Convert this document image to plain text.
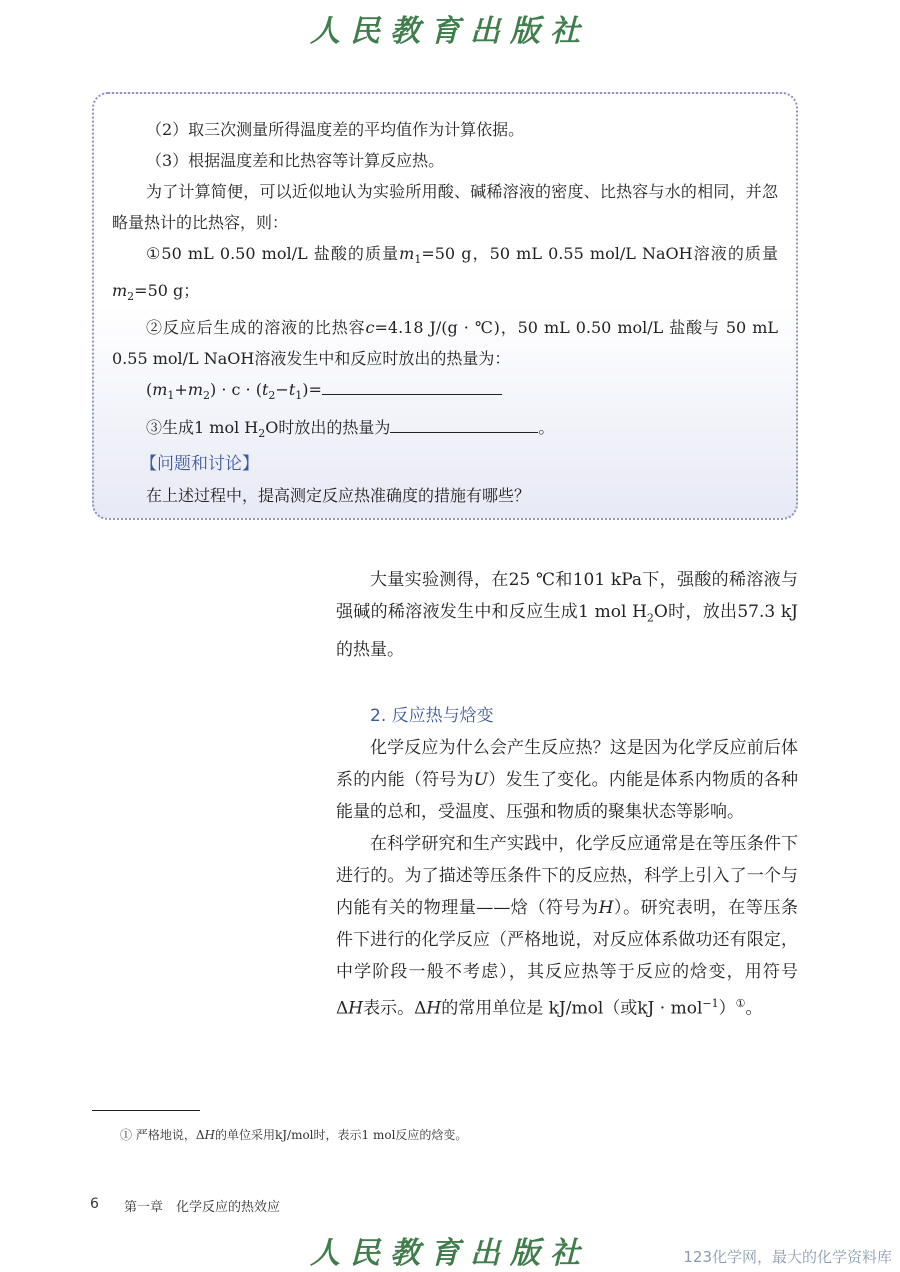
人民教育出版社

（2）取三次测量所得温度差的平均值作为计算依据。

（3）根据温度差和比热容等计算反应热。

为了计算简便，可以近似地认为实验所用酸、碱稀溶液的密度、比热容与水的相同，并忽略量热计的比热容，则：

①50 mL 0.50 mol/L 盐酸的质量$m_1=50$ g，50 mL 0.55 mol/L NaOH溶液的质量$m_2=50$ g；

②反应后生成的溶液的比热容c=4.18 J/(g · ℃)，50 mL 0.50 mol/L 盐酸与 50 mL 0.55 mol/L NaOH溶液发生中和反应时放出的热量为：

$(m_1+m_2) \cdot c \cdot (t_2-t_1)=$

③生成1 mol $H_2O$时放出的热量为	。

【问题和讨论】

在上述过程中，提高测定反应热准确度的措施有哪些？

大量实验测得，在25 ℃和101 kPa下，强酸的稀溶液与强碱的稀溶液发生中和反应生成1 mol $H_2O$时，放出57.3 kJ的热量。

2. 反应热与焓变

化学反应为什么会产生反应热？这是因为化学反应前后体系的内能（符号为U）发生了变化。内能是体系内物质的各种能量的总和，受温度、压强和物质的聚集状态等影响。

在科学研究和生产实践中，化学反应通常是在等压条件下进行的。为了描述等压条件下的反应热，科学上引入了一个与内能有关的物理量——焓（符号为H）。研究表明，在等压条件下进行的化学反应（严格地说，对反应体系做功还有限定，中学阶段一般不考虑），其反应热等于反应的焓变，用符号 ΔH表示。ΔH的常用单位是 kJ/mol（或kJ · mol$^{-1}$）①。

① 严格地说，ΔH的单位采用kJ/mol时，表示1 mol反应的焓变。
6 第一章　化学反应的热效应
人民教育出版社	123化学网，最大的化学资料库
